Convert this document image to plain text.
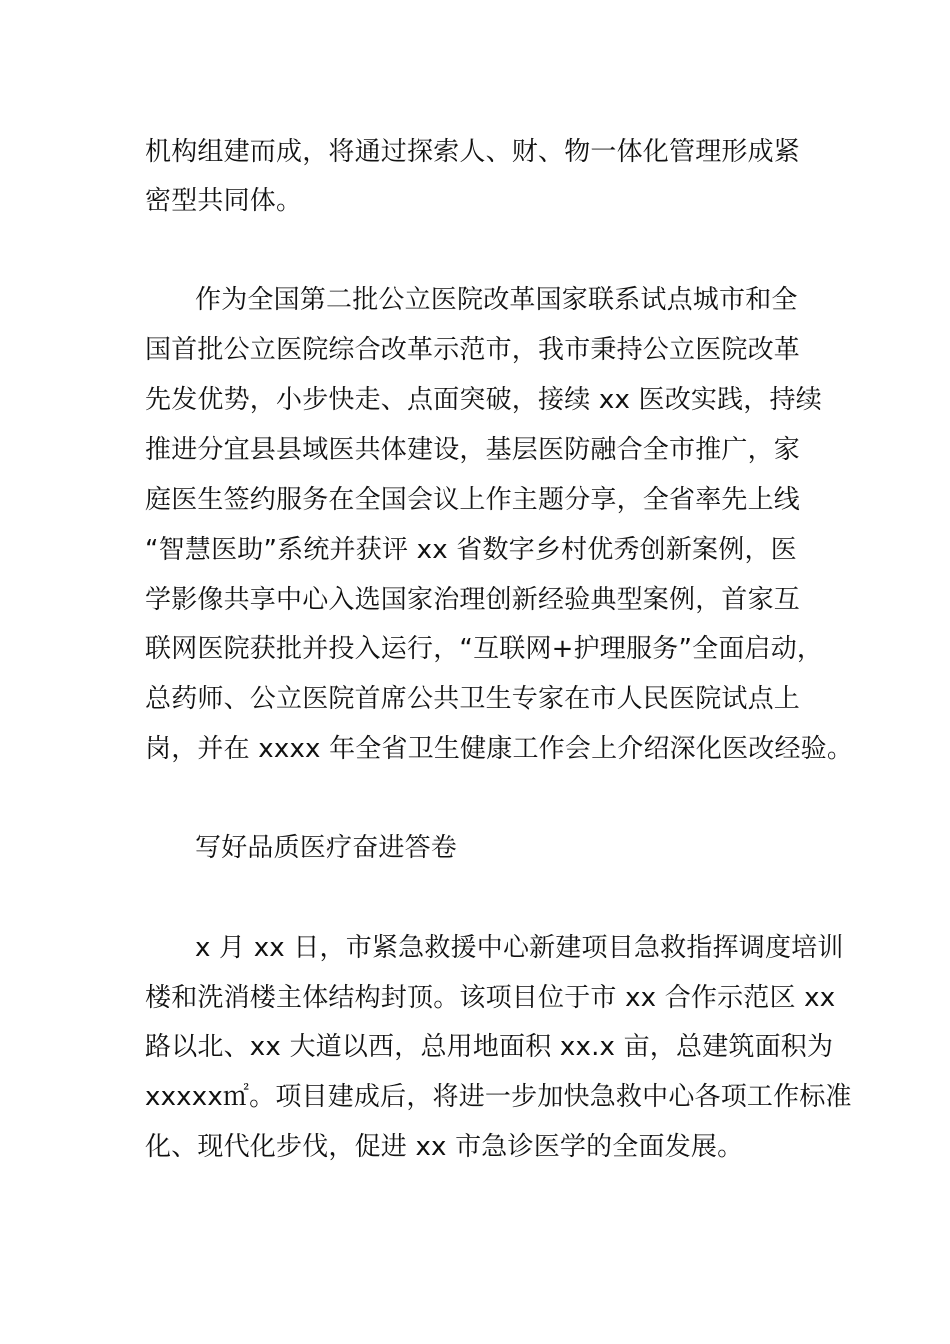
机构组建而成，将通过探索人、财、物一体化管理形成紧
密型共同体。
作为全国第二批公立医院改革国家联系试点城市和全
国首批公立医院综合改革示范市，我市秉持公立医院改革
先发优势，小步快走、点面突破，接续 xx 医改实践，持续
推进分宜县县域医共体建设，基层医防融合全市推广，家
庭医生签约服务在全国会议上作主题分享，全省率先上线
“智慧医助”系统并获评 xx 省数字乡村优秀创新案例，医
学影像共享中心入选国家治理创新经验典型案例，首家互
联网医院获批并投入运行，“互联网+护理服务”全面启动，
总药师、公立医院首席公共卫生专家在市人民医院试点上
岗，并在 xxxx 年全省卫生健康工作会上介绍深化医改经验。
写好品质医疗奋进答卷
x 月 xx 日，市紧急救援中心新建项目急救指挥调度培训
楼和洗消楼主体结构封顶。该项目位于市 xx 合作示范区 xx
路以北、xx 大道以西，总用地面积 xx.x 亩，总建筑面积为
xxxxx㎡。项目建成后，将进一步加快急救中心各项工作标准
化、现代化步伐，促进 xx 市急诊医学的全面发展。
